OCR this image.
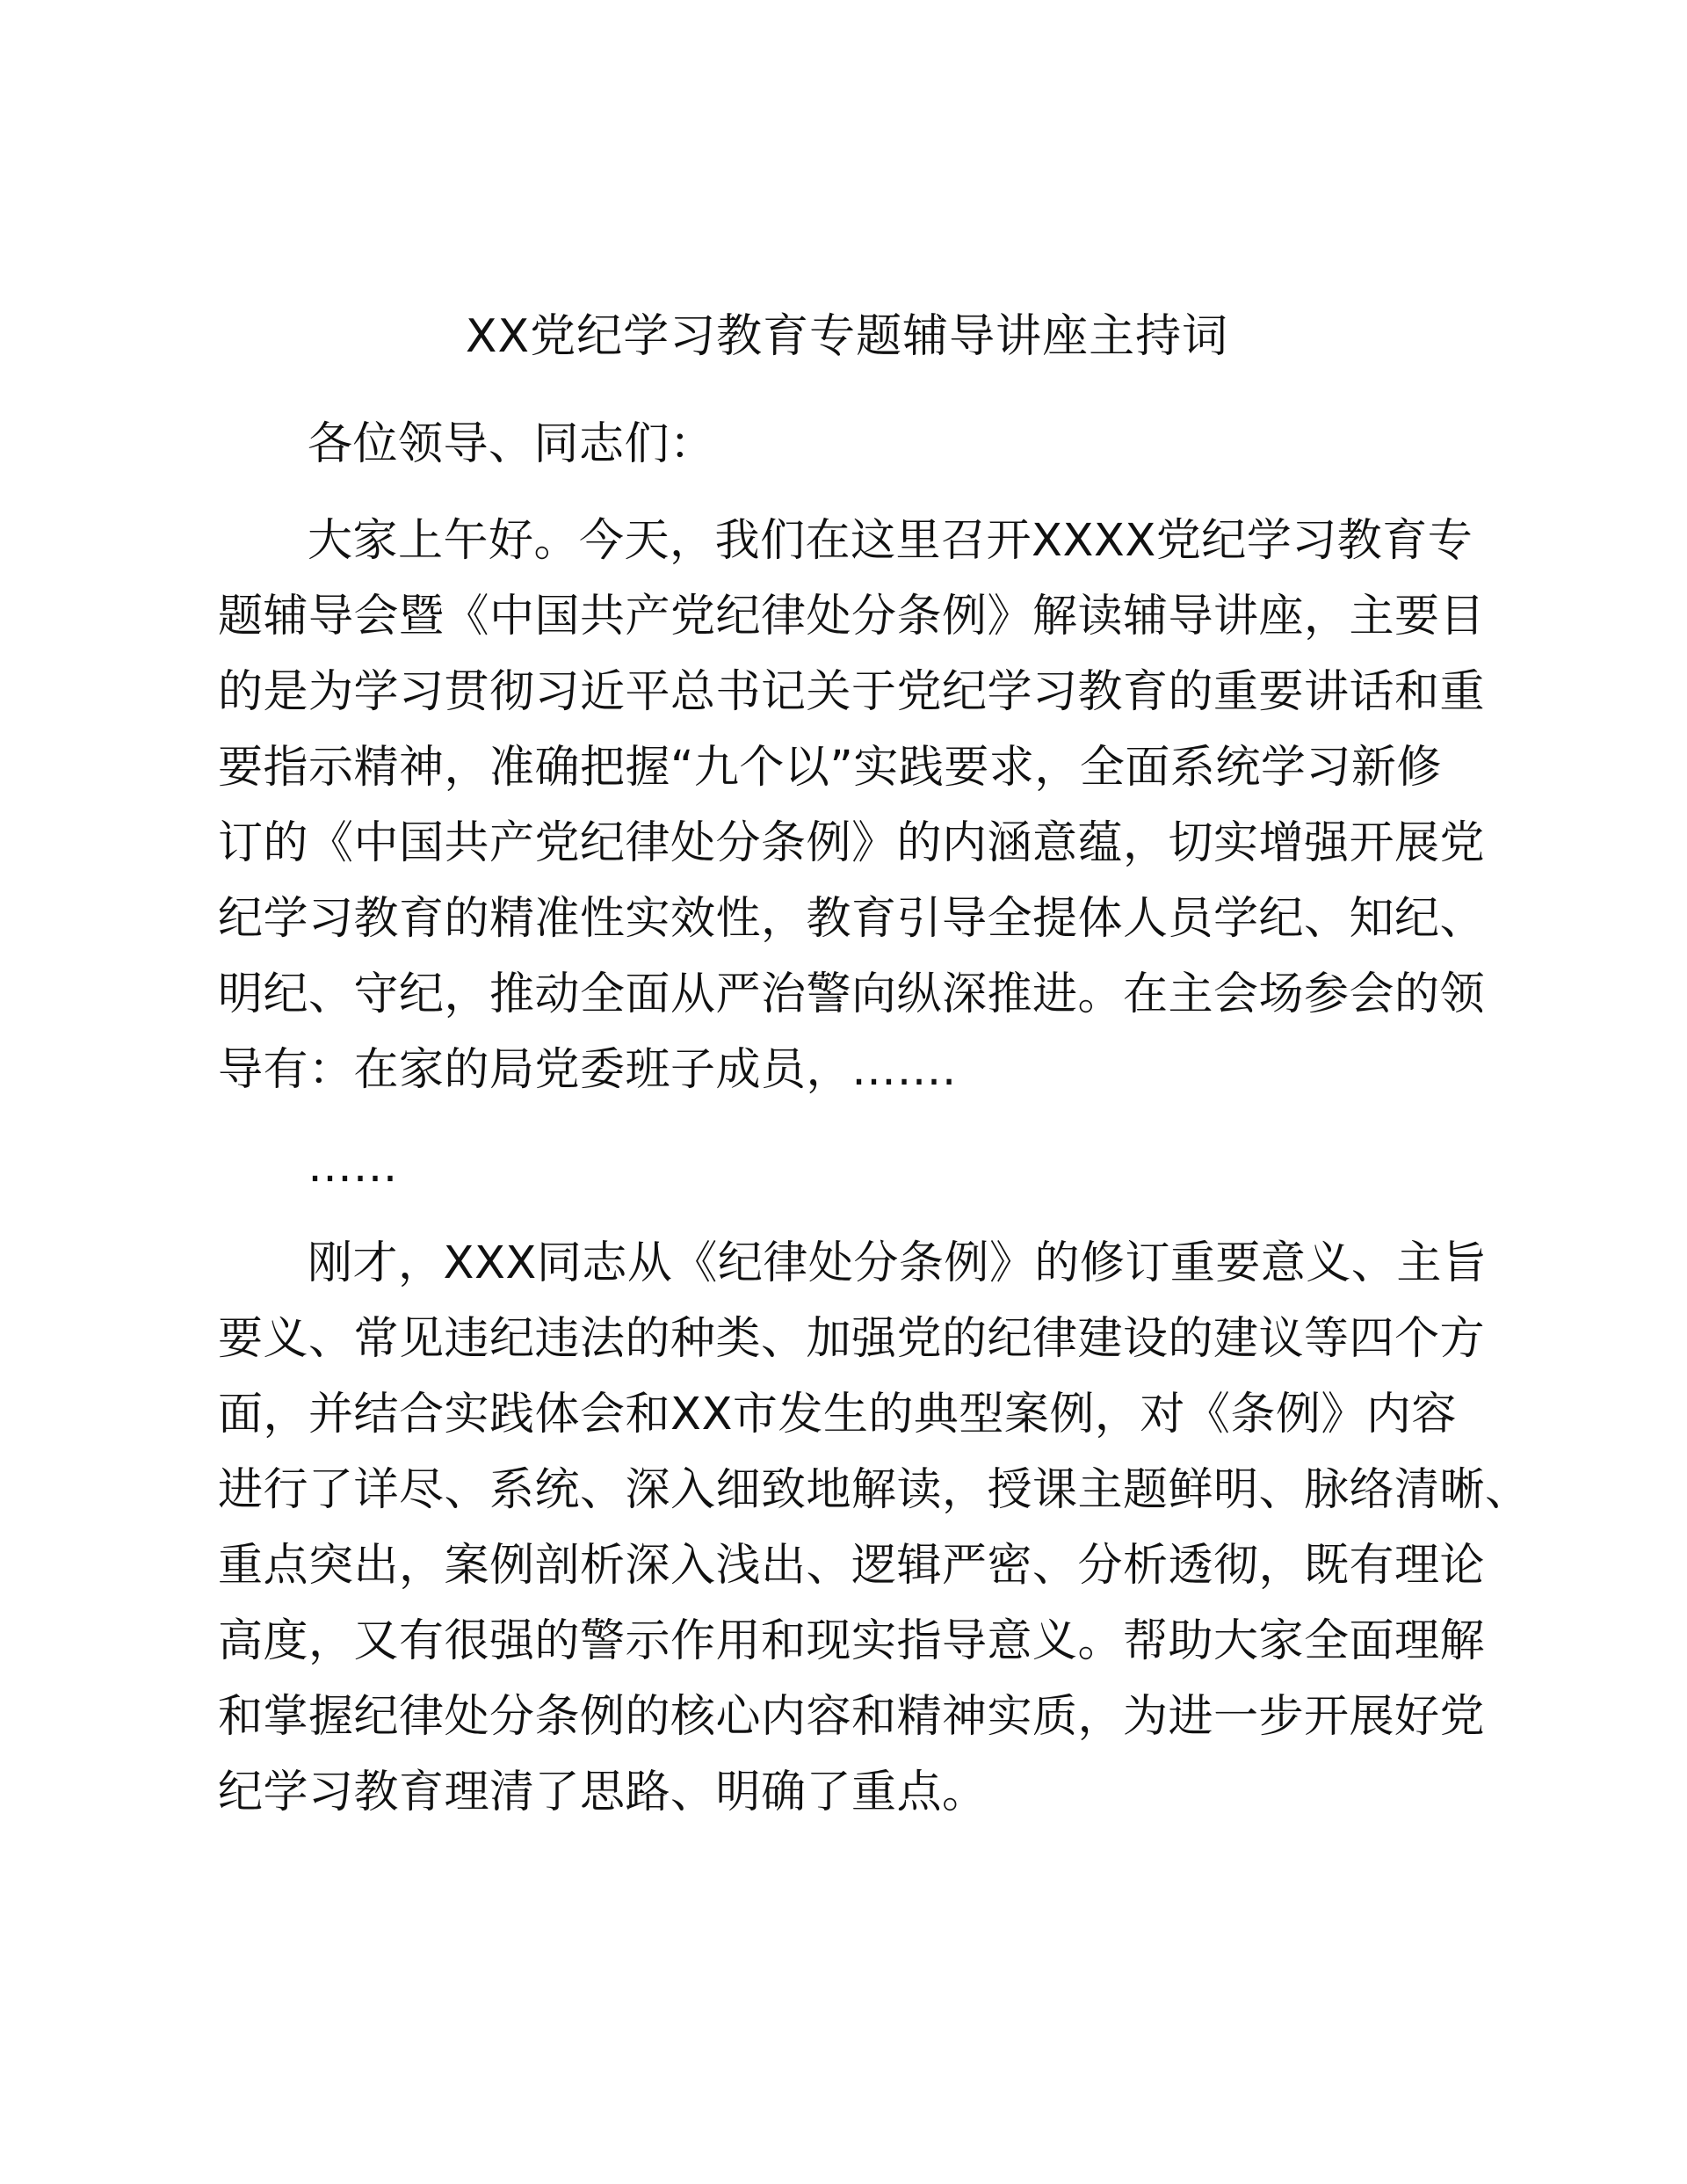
XX党纪学习教育专题辅导讲座主持词

各位领导、同志们：

大家上午好。今天，我们在这里召开XXXX党纪学习教育专
题辅导会暨《中国共产党纪律处分条例》解读辅导讲座，主要目
的是为学习贯彻习近平总书记关于党纪学习教育的重要讲话和重
要指示精神，准确把握“九个以”实践要求，全面系统学习新修
订的《中国共产党纪律处分条例》的内涵意蕴，切实增强开展党
纪学习教育的精准性实效性，教育引导全提体人员学纪、知纪、
明纪、守纪，推动全面从严治警向纵深推进。在主会场参会的领
导有：在家的局党委班子成员，…….

……

刚才，XXX同志从《纪律处分条例》的修订重要意义、主旨
要义、常见违纪违法的种类、加强党的纪律建设的建议等四个方
面，并结合实践体会和XX市发生的典型案例，对《条例》内容
进行了详尽、系统、深入细致地解读，授课主题鲜明、脉络清晰、
重点突出，案例剖析深入浅出、逻辑严密、分析透彻，既有理论
高度，又有很强的警示作用和现实指导意义。帮助大家全面理解
和掌握纪律处分条例的核心内容和精神实质，为进一步开展好党
纪学习教育理清了思路、明确了重点。
